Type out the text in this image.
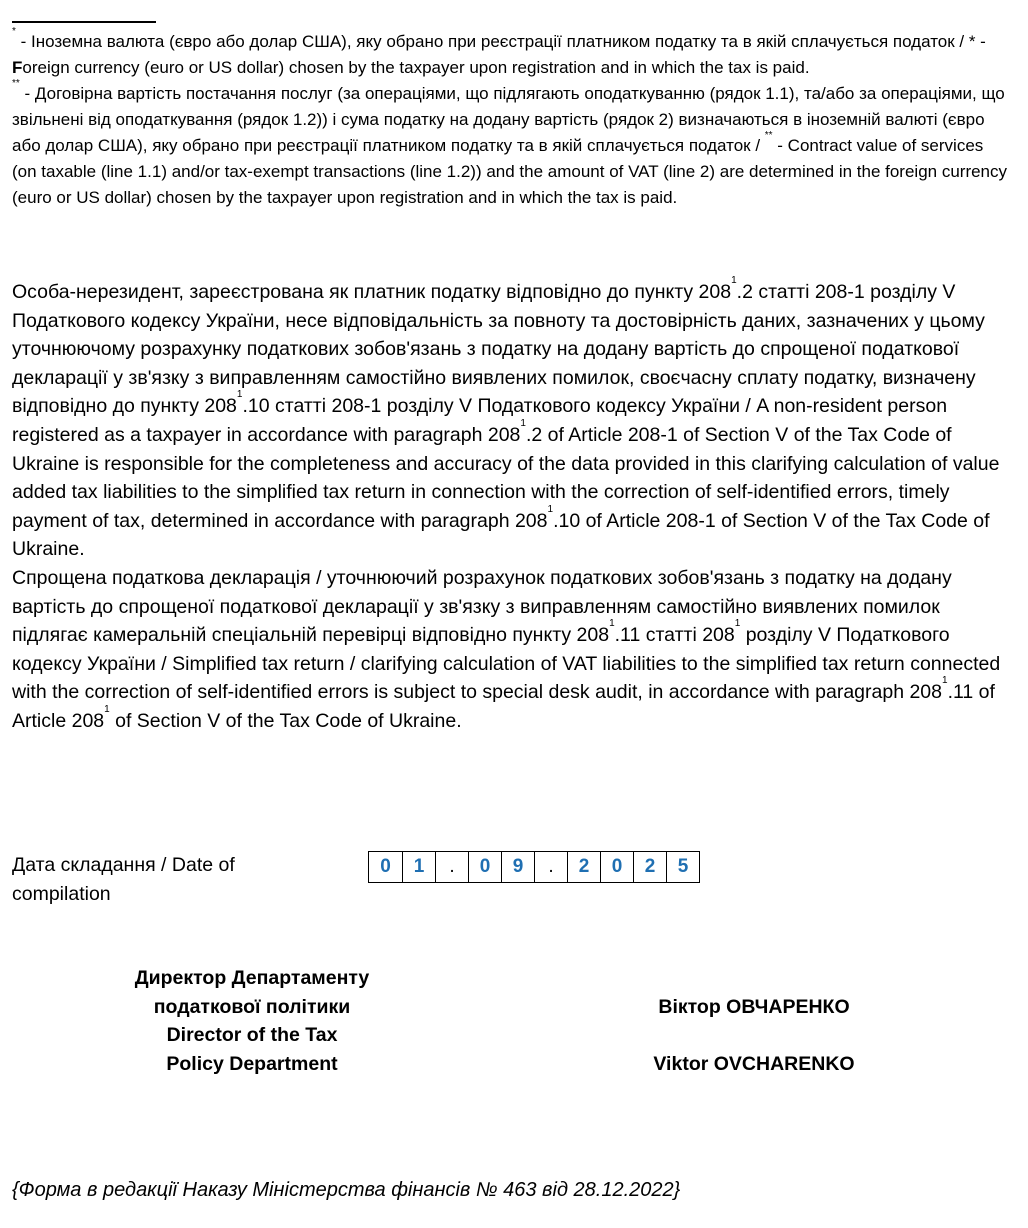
* - Іноземна валюта (євро або долар США), яку обрано при реєстрації платником податку та в якій сплачується податок / * - Foreign currency (euro or US dollar) chosen by the taxpayer upon registration and in which the tax is paid.

** - Договірна вартість постачання послуг (за операціями, що підлягають оподаткуванню (рядок 1.1), та/або за операціями, що звільнені від оподаткування (рядок 1.2)) і сума податку на додану вартість (рядок 2) визначаються в іноземній валюті (євро або долар США), яку обрано при реєстрації платником податку та в якій сплачується податок / ** - Contract value of services (on taxable (line 1.1) and/or tax-exempt transactions (line 1.2)) and the amount of VAT (line 2) are determined in the foreign currency (euro or US dollar) chosen by the taxpayer upon registration and in which the tax is paid.

Особа-нерезидент, зареєстрована як платник податку відповідно до пункту $208^1.2$ статті 208-1 розділу V Податкового кодексу України, несе відповідальність за повноту та достовірність даних, зазначених у цьому уточнюючому розрахунку податкових зобов'язань з податку на додану вартість до спрощеної податкової декларації у зв'язку з виправленням самостійно виявлених помилок, своєчасну сплату податку, визначену відповідно до пункту $208^1.10$ статті 208-1 розділу V Податкового кодексу України / A non-resident person registered as a taxpayer in accordance with paragraph $208^1.2$ of Article 208-1 of Section V of the Tax Code of Ukraine is responsible for the completeness and accuracy of the data provided in this clarifying calculation of value added tax liabilities to the simplified tax return in connection with the correction of self-identified errors, timely payment of tax, determined in accordance with paragraph $208^1.10$ of Article 208-1 of Section V of the Tax Code of Ukraine.

Спрощена податкова декларація / уточнюючий розрахунок податкових зобов'язань з податку на додану вартість до спрощеної податкової декларації у зв'язку з виправленням самостійно виявлених помилок підлягає камеральній спеціальній перевірці відповідно пункту $208^1.11$ статті $208^1$ розділу V Податкового кодексу України / Simplified tax return / clarifying calculation of VAT liabilities to the simplified tax return connected with the correction of self-identified errors is subject to special desk audit, in accordance with paragraph $208^1.11$ of Article $208^1$ of Section V of the Tax Code of Ukraine.

Дата складання / Date of
compilation
0	1	.	0	9	.	2	0	2	5
Директор Департаменту
податкової політики
Director of the Tax
Policy Department
Віктор ОВЧАРЕНКО
Viktor OVCHARENKO
{Форма в редакції Наказу Міністерства фінансів № 463 від 28.12.2022}
